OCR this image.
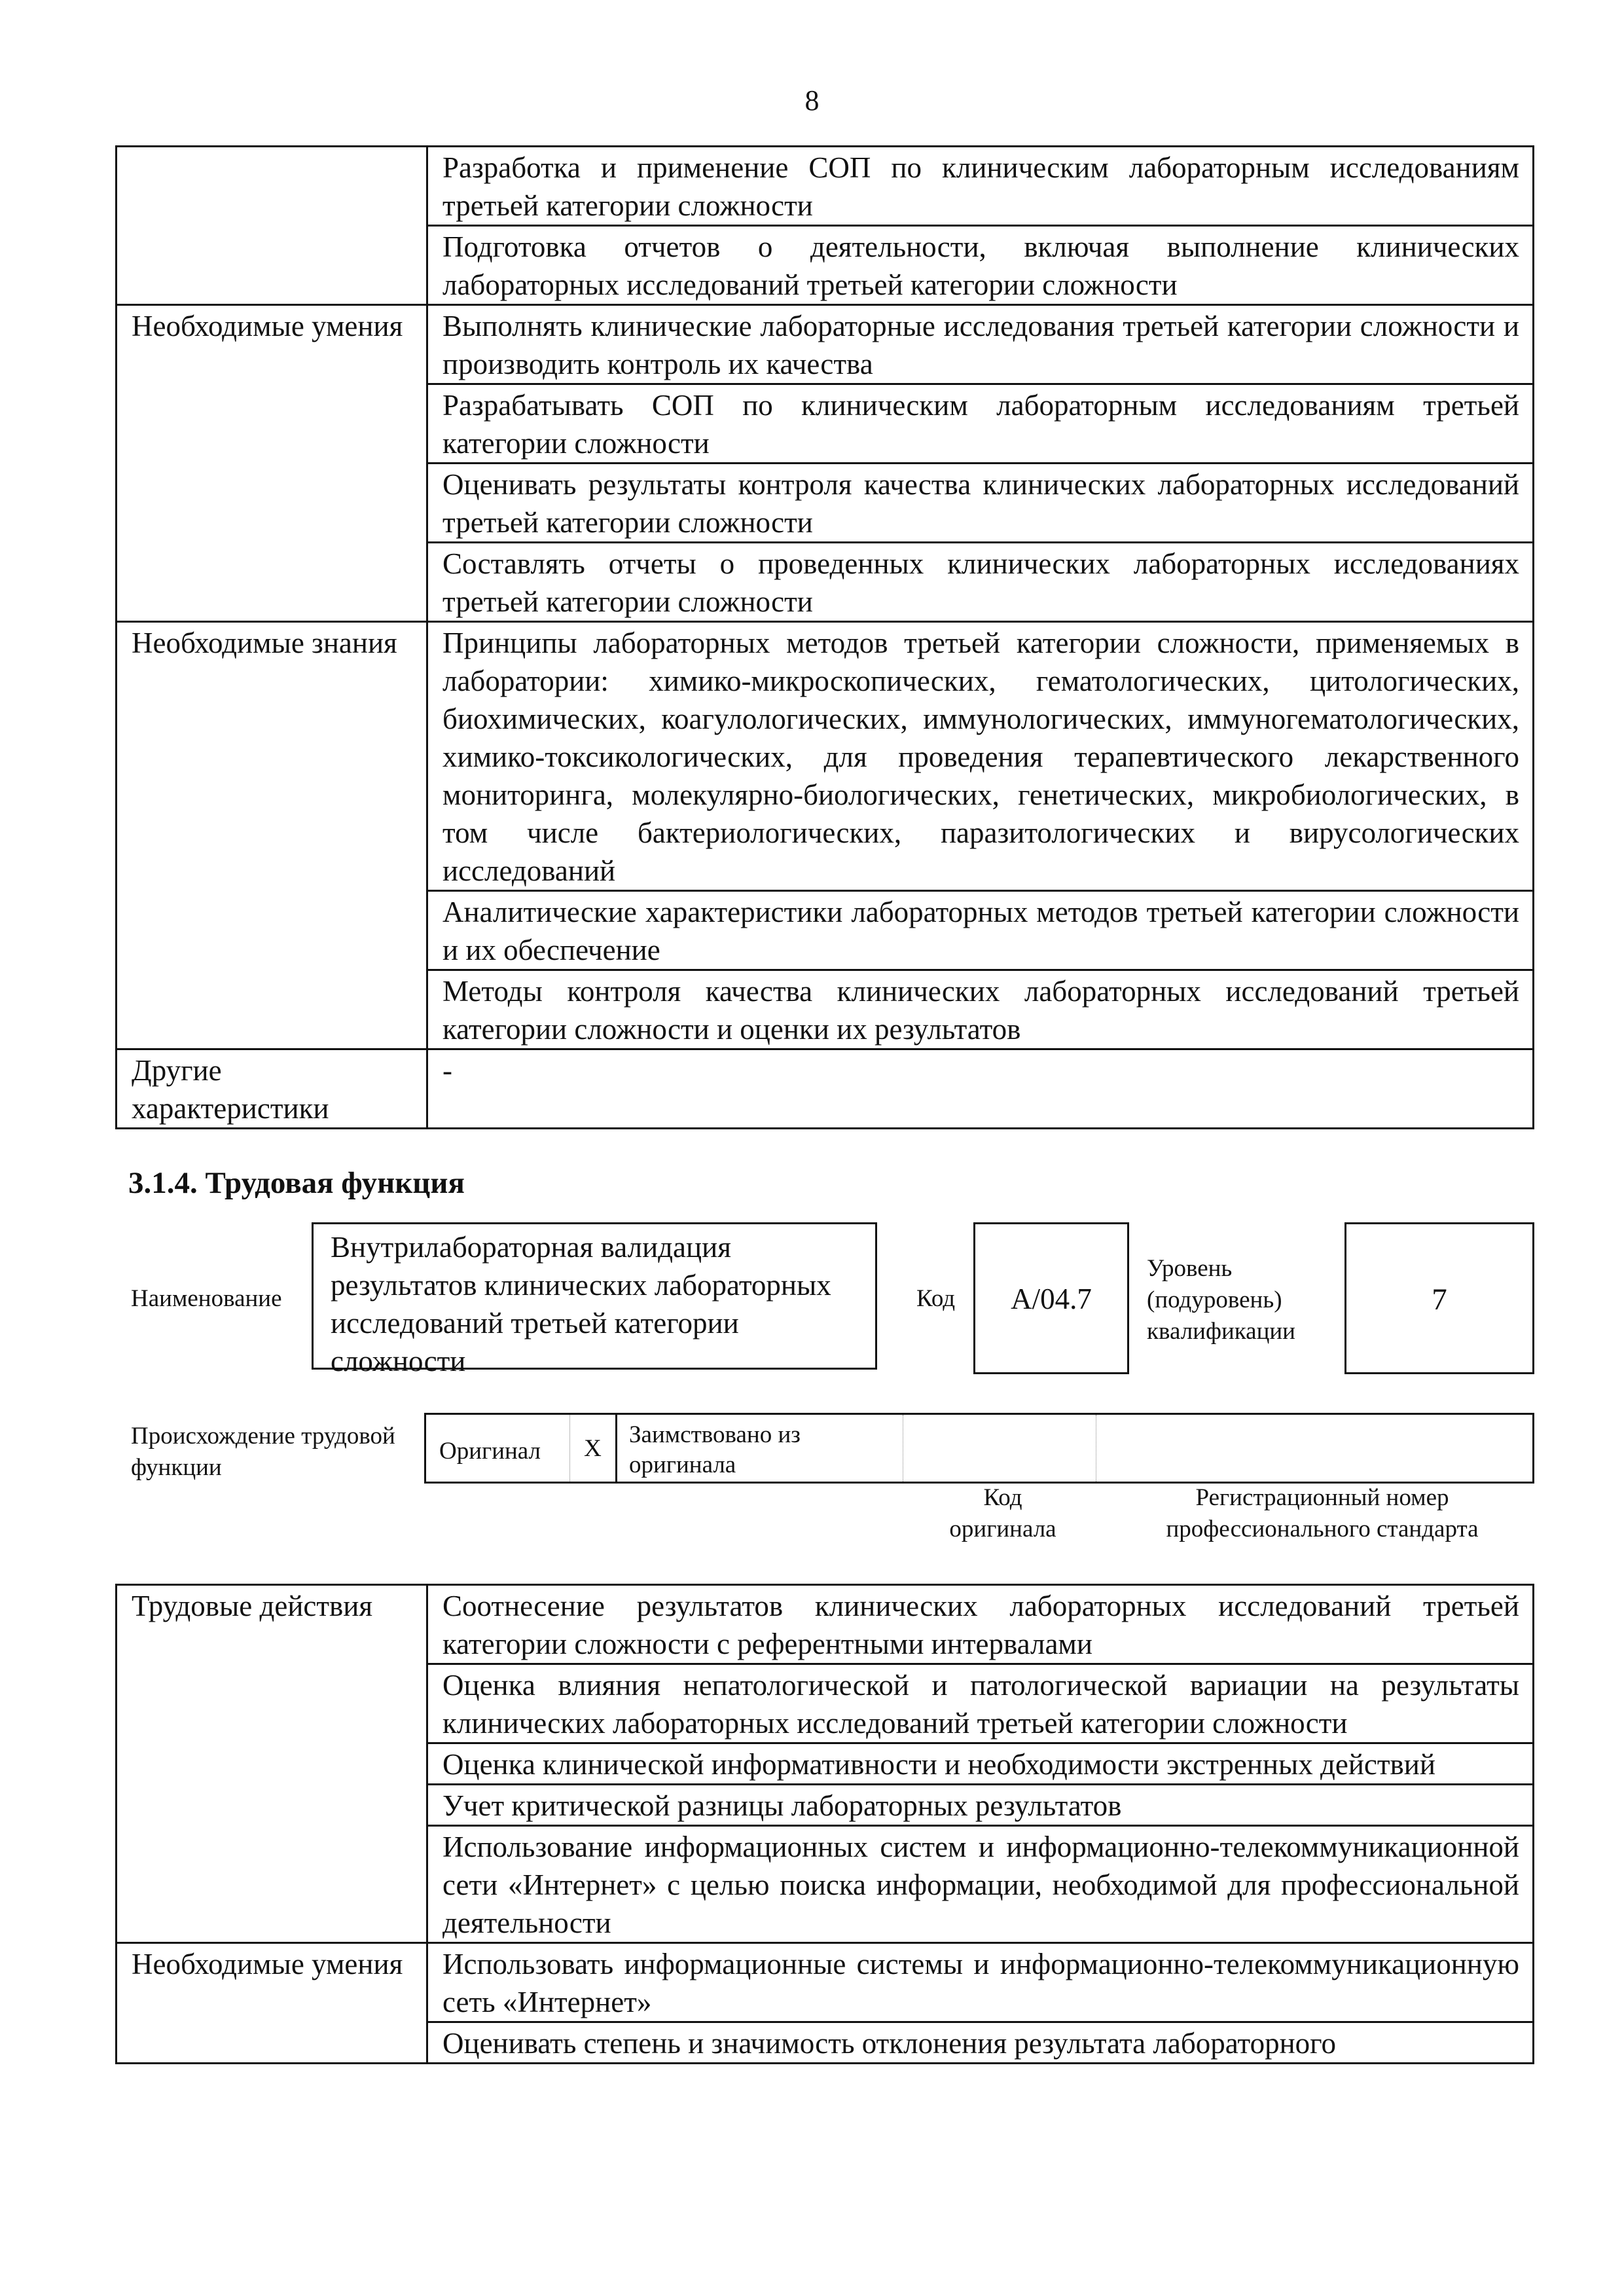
8
	Разработка и применение СОП по клиническим лабораторным исследованиям третьей категории сложности
	Подготовка отчетов о деятельности, включая выполнение клинических лабораторных исследований третьей категории сложности
Необходимые умения	Выполнять клинические лабораторные исследования третьей категории сложности и производить контроль их качества
	Разрабатывать СОП по клиническим лабораторным исследованиям третьей категории сложности
	Оценивать результаты контроля качества клинических лабораторных исследований третьей категории сложности
	Составлять отчеты о проведенных клинических лабораторных исследованиях третьей категории сложности
Необходимые знания	Принципы лабораторных методов третьей категории сложности, применяемых в лаборатории: химико-микроскопических, гематологических, цитологических, биохимических, коагулологических, иммунологических, иммуногематологических, химико-токсикологических, для проведения терапевтического лекарственного мониторинга, молекулярно-биологических, генетических, микробиологических, в том числе бактериологических, паразитологических и вирусологических исследований
	Аналитические характеристики лабораторных методов третьей категории сложности и их обеспечение
	Методы контроля качества клинических лабораторных исследований третьей категории сложности и оценки их результатов
Другие характеристики	-
3.1.4. Трудовая функция
Наименование
Внутрилабораторная валидация результатов клинических лабораторных исследований третьей категории сложности
Код	А/04.7
Уровень (подуровень) квалификации
7
Происхождение трудовой функции
Оригинал	X
Заимствовано из оригинала
Код оригинала
Регистрационный номер профессионального стандарта
Трудовые действия	Соотнесение результатов клинических лабораторных исследований третьей категории сложности с референтными интервалами
	Оценка влияния непатологической и патологической вариации на результаты клинических лабораторных исследований третьей категории сложности
	Оценка клинической информативности и необходимости экстренных действий
	Учет критической разницы лабораторных результатов
	Использование информационных систем и информационно-телекоммуникационной сети «Интернет» с целью поиска информации, необходимой для профессиональной деятельности
Необходимые умения	Использовать информационные системы и информационно-телекоммуникационную сеть «Интернет»
	Оценивать степень и значимость отклонения результата лабораторного
